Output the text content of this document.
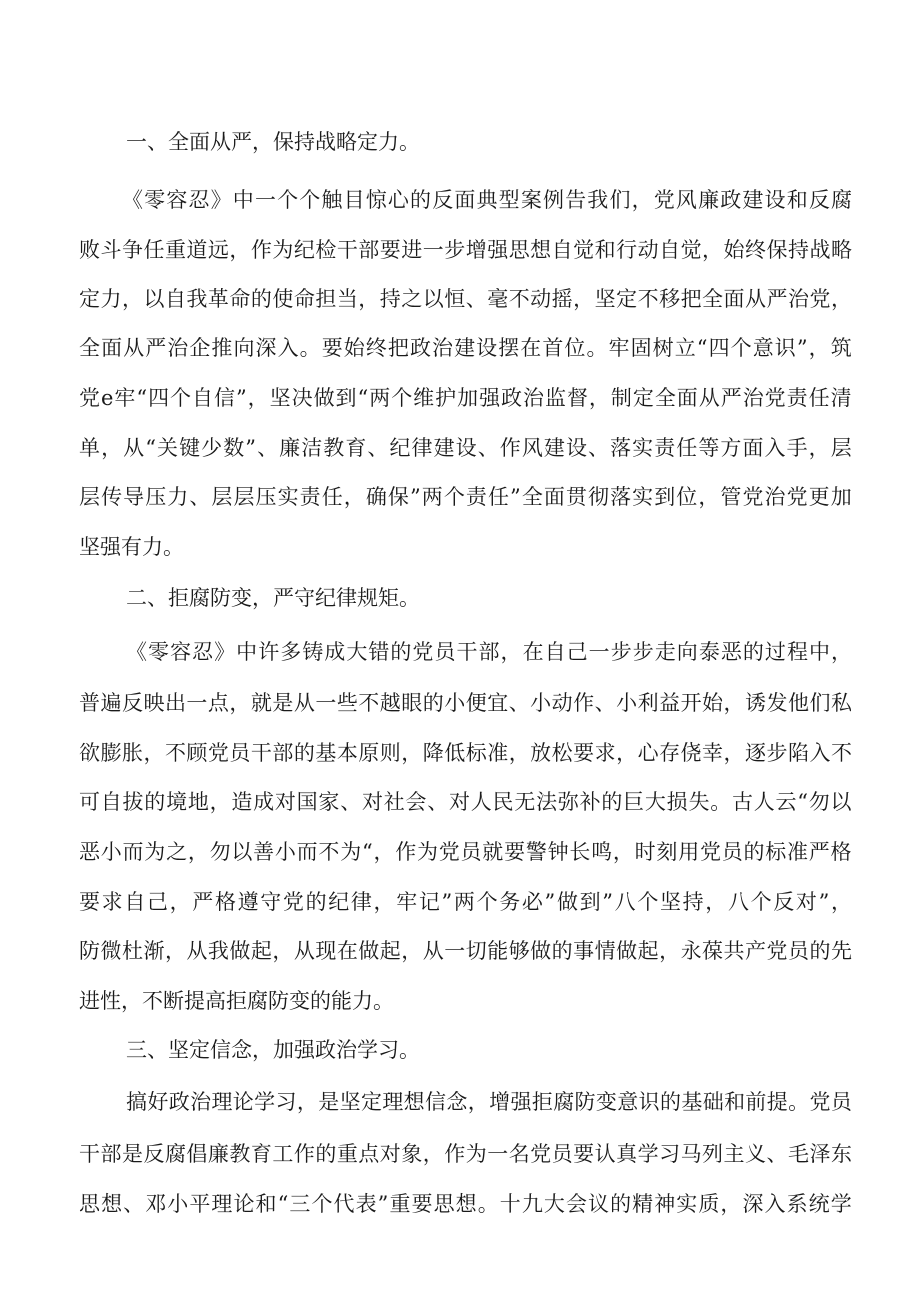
一、全面从严，保持战略定力。
《 零 容 忍 》 中 一 个 个 触 目 惊 心 的 反 面 典 型 案 例 告 我 们 ， 党 风 廉 政 建 设 和 反 腐
败 斗 争 任 重 道 远 ， 作 为 纪 检 干 部 要 进 一 步 增 强 思 想 自 觉 和 行 动 自 觉 ， 始 终 保 持 战 略
定 力 ， 以 自 我 革 命 的 使 命 担 当 ， 持 之 以 恒 、 毫 不 动 摇 ， 坚 定 不 移 把 全 面 从 严 治 党 ，
全 面 从 严 治 企 推 向 深 入 。 要 始 终 把 政 治 建 设 摆 在 首 位 。 牢 固 树 立 “ 四 个 意 识 ” ， 筑
党 e 牢 “ 四 个 自 信 ” ， 坚 决 做 到 “ 两 个 维 护 加 强 政 治 监 督 ， 制 定 全 面 从 严 治 党 责 任 清
单 ， 从 “ 关 键 少 数 ” 、 廉 洁 教 育 、 纪 律 建 设 、 作 风 建 设 、 落 实 责 任 等 方 面 入 手 ， 层
层 传 导 压 力 、 层 层 压 实 责 任 ， 确 保 ” 两 个 责 任 ” 全 面 贯 彻 落 实 到 位 ， 管 党 治 党 更 加
坚强有力。
二、拒腐防变，严守纪律规矩。
《 零 容 忍 》 中 许 多 铸 成 大 错 的 党 员 干 部 ， 在 自 己 一 步 步 走 向 泰 恶 的 过 程 中 ，
普 遍 反 映 出 一 点 ， 就 是 从 一 些 不 越 眼 的 小 便 宜 、 小 动 作 、 小 利 益 开 始 ， 诱 发 他 们 私
欲 膨 胀 ， 不 顾 党 员 干 部 的 基 本 原 则 ， 降 低 标 准 ， 放 松 要 求 ， 心 存 侥 幸 ， 逐 步 陷 入 不
可 自 拔 的 境 地 ， 造 成 对 国 家 、 对 社 会 、 对 人 民 无 法 弥 补 的 巨 大 损 失 。 古 人 云 “ 勿 以
恶 小 而 为 之 ， 勿 以 善 小 而 不 为 “ ， 作 为 党 员 就 要 警 钟 长 鸣 ， 时 刻 用 党 员 的 标 准 严 格
要 求 自 己 ， 严 格 遵 守 党 的 纪 律 ， 牢 记 ” 两 个 务 必 ” 做 到 ” 八 个 坚 持 ， 八 个 反 对 ” ，
防 微 杜 渐 ， 从 我 做 起 ， 从 现 在 做 起 ， 从 一 切 能 够 做 的 事 情 做 起 ， 永 葆 共 产 党 员 的 先
进性，不断提高拒腐防变的能力。
三、坚定信念，加强政治学习。
搞 好 政 治 理 论 学 习 ， 是 坚 定 理 想 信 念 ， 增 强 拒 腐 防 变 意 识 的 基 础 和 前 提 。 党 员
干 部 是 反 腐 倡 廉 教 育 工 作 的 重 点 对 象 ， 作 为 一 名 党 员 要 认 真 学 习 马 列 主 义 、 毛 泽 东
思 想 、 邓 小 平 理 论 和 “ 三 个 代 表 ” 重 要 思 想 。 十 九 大 会 议 的 精 神 实 质 ， 深 入 系 统 学
